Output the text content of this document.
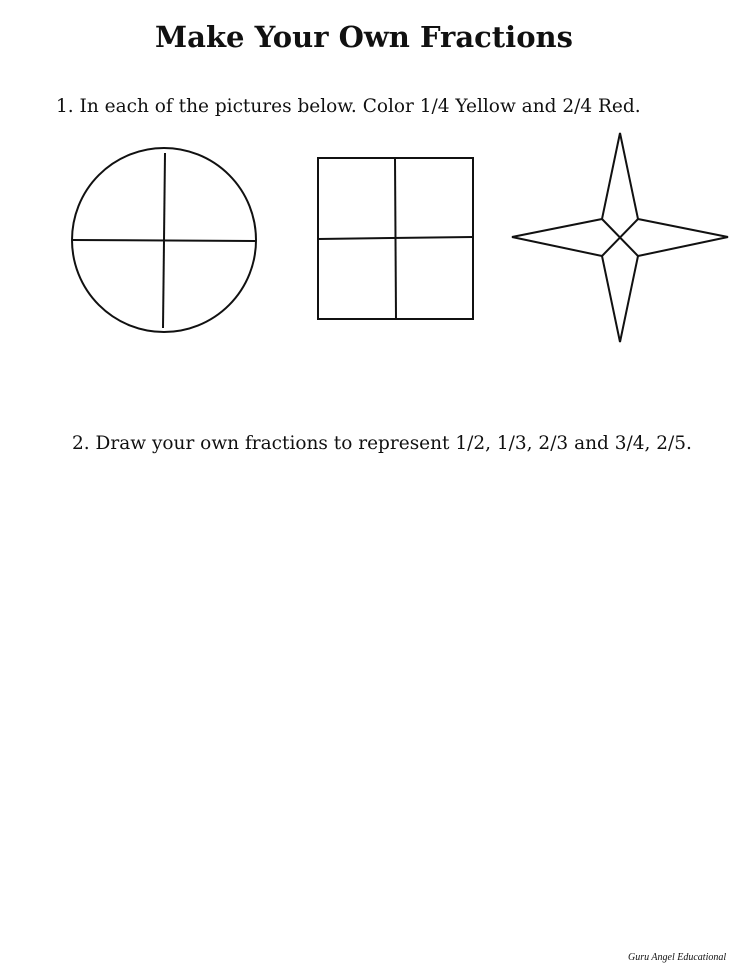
Make Your Own Fractions
1. In each of the pictures below. Color 1/4 Yellow and 2/4 Red.
2. Draw your own fractions to represent 1/2, 1/3, 2/3 and 3/4, 2/5.
Guru Angel Educational
